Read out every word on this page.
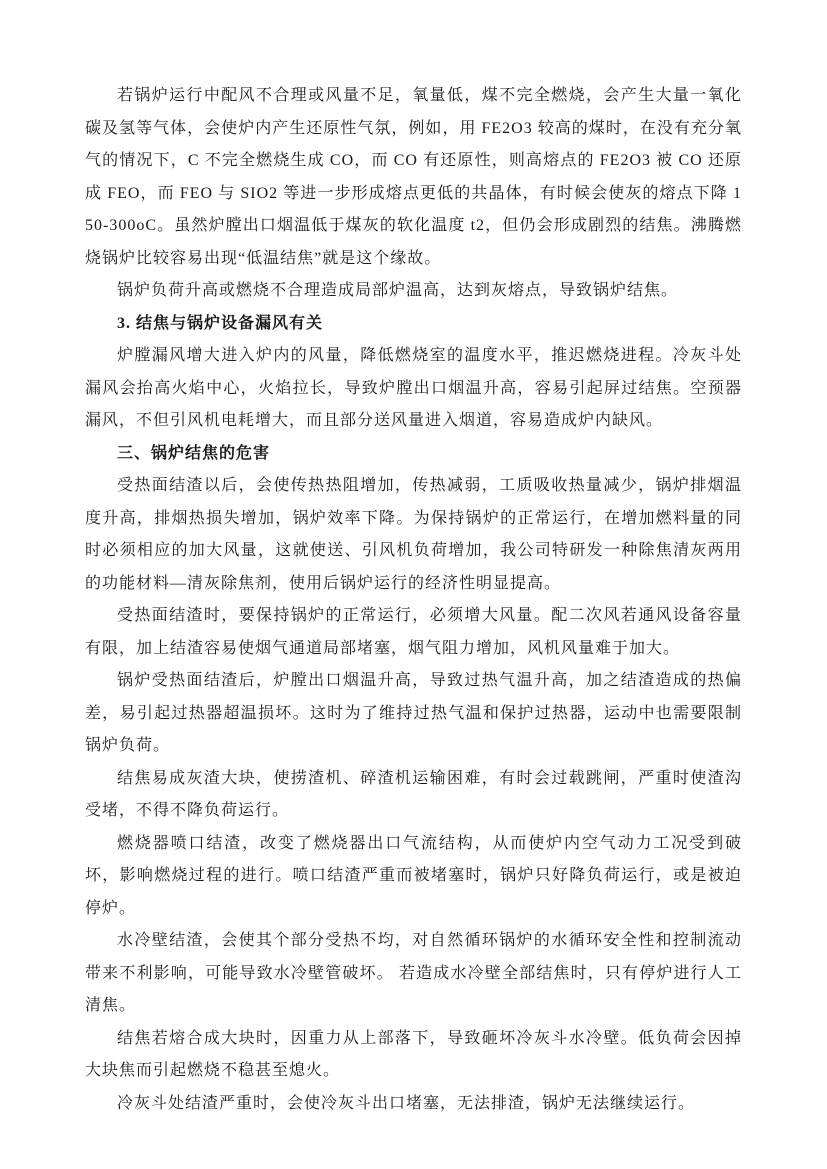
若锅炉运行中配风不合理或风量不足，氧量低，煤不完全燃烧，会产生大量一氧化碳及氢等气体，会使炉内产生还原性气氛，例如，用 FE2O3 较高的煤时，在没有充分氧气的情况下，C 不完全燃烧生成 CO，而 CO 有还原性，则高熔点的 FE2O3 被 CO 还原成 FEO，而 FEO 与 SIO2 等进一步形成熔点更低的共晶体，有时候会使灰的熔点下降 150-300oC。虽然炉膛出口烟温低于煤灰的软化温度 t2，但仍会形成剧烈的结焦。沸腾燃烧锅炉比较容易出现“低温结焦”就是这个缘故。

锅炉负荷升高或燃烧不合理造成局部炉温高，达到灰熔点，导致锅炉结焦。

3. 结焦与锅炉设备漏风有关

炉膛漏风增大进入炉内的风量，降低燃烧室的温度水平，推迟燃烧进程。冷灰斗处漏风会抬高火焰中心，火焰拉长，导致炉膛出口烟温升高，容易引起屏过结焦。空预器漏风，不但引风机电耗增大，而且部分送风量进入烟道，容易造成炉内缺风。

三、锅炉结焦的危害

受热面结渣以后，会使传热热阻增加，传热减弱，工质吸收热量减少，锅炉排烟温度升高，排烟热损失增加，锅炉效率下降。为保持锅炉的正常运行，在增加燃料量的同时必须相应的加大风量，这就使送、引风机负荷增加，我公司特研发一种除焦清灰两用的功能材料—清灰除焦剂，使用后锅炉运行的经济性明显提高。

受热面结渣时，要保持锅炉的正常运行，必须增大风量。配二次风若通风设备容量有限，加上结渣容易使烟气通道局部堵塞，烟气阻力增加，风机风量难于加大。

锅炉受热面结渣后，炉膛出口烟温升高，导致过热气温升高，加之结渣造成的热偏差，易引起过热器超温损坏。这时为了维持过热气温和保护过热器，运动中也需要限制锅炉负荷。

结焦易成灰渣大块，使捞渣机、碎渣机运输困难，有时会过载跳闸，严重时使渣沟受堵，不得不降负荷运行。

燃烧器喷口结渣，改变了燃烧器出口气流结构，从而使炉内空气动力工况受到破坏，影响燃烧过程的进行。喷口结渣严重而被堵塞时，锅炉只好降负荷运行，或是被迫停炉。

水冷壁结渣，会使其个部分受热不均，对自然循环锅炉的水循环安全性和控制流动带来不利影响，可能导致水冷壁管破坏。 若造成水冷壁全部结焦时，只有停炉进行人工清焦。

结焦若熔合成大块时，因重力从上部落下，导致砸坏冷灰斗水冷壁。低负荷会因掉大块焦而引起燃烧不稳甚至熄火。

冷灰斗处结渣严重时，会使冷灰斗出口堵塞，无法排渣，锅炉无法继续运行。
